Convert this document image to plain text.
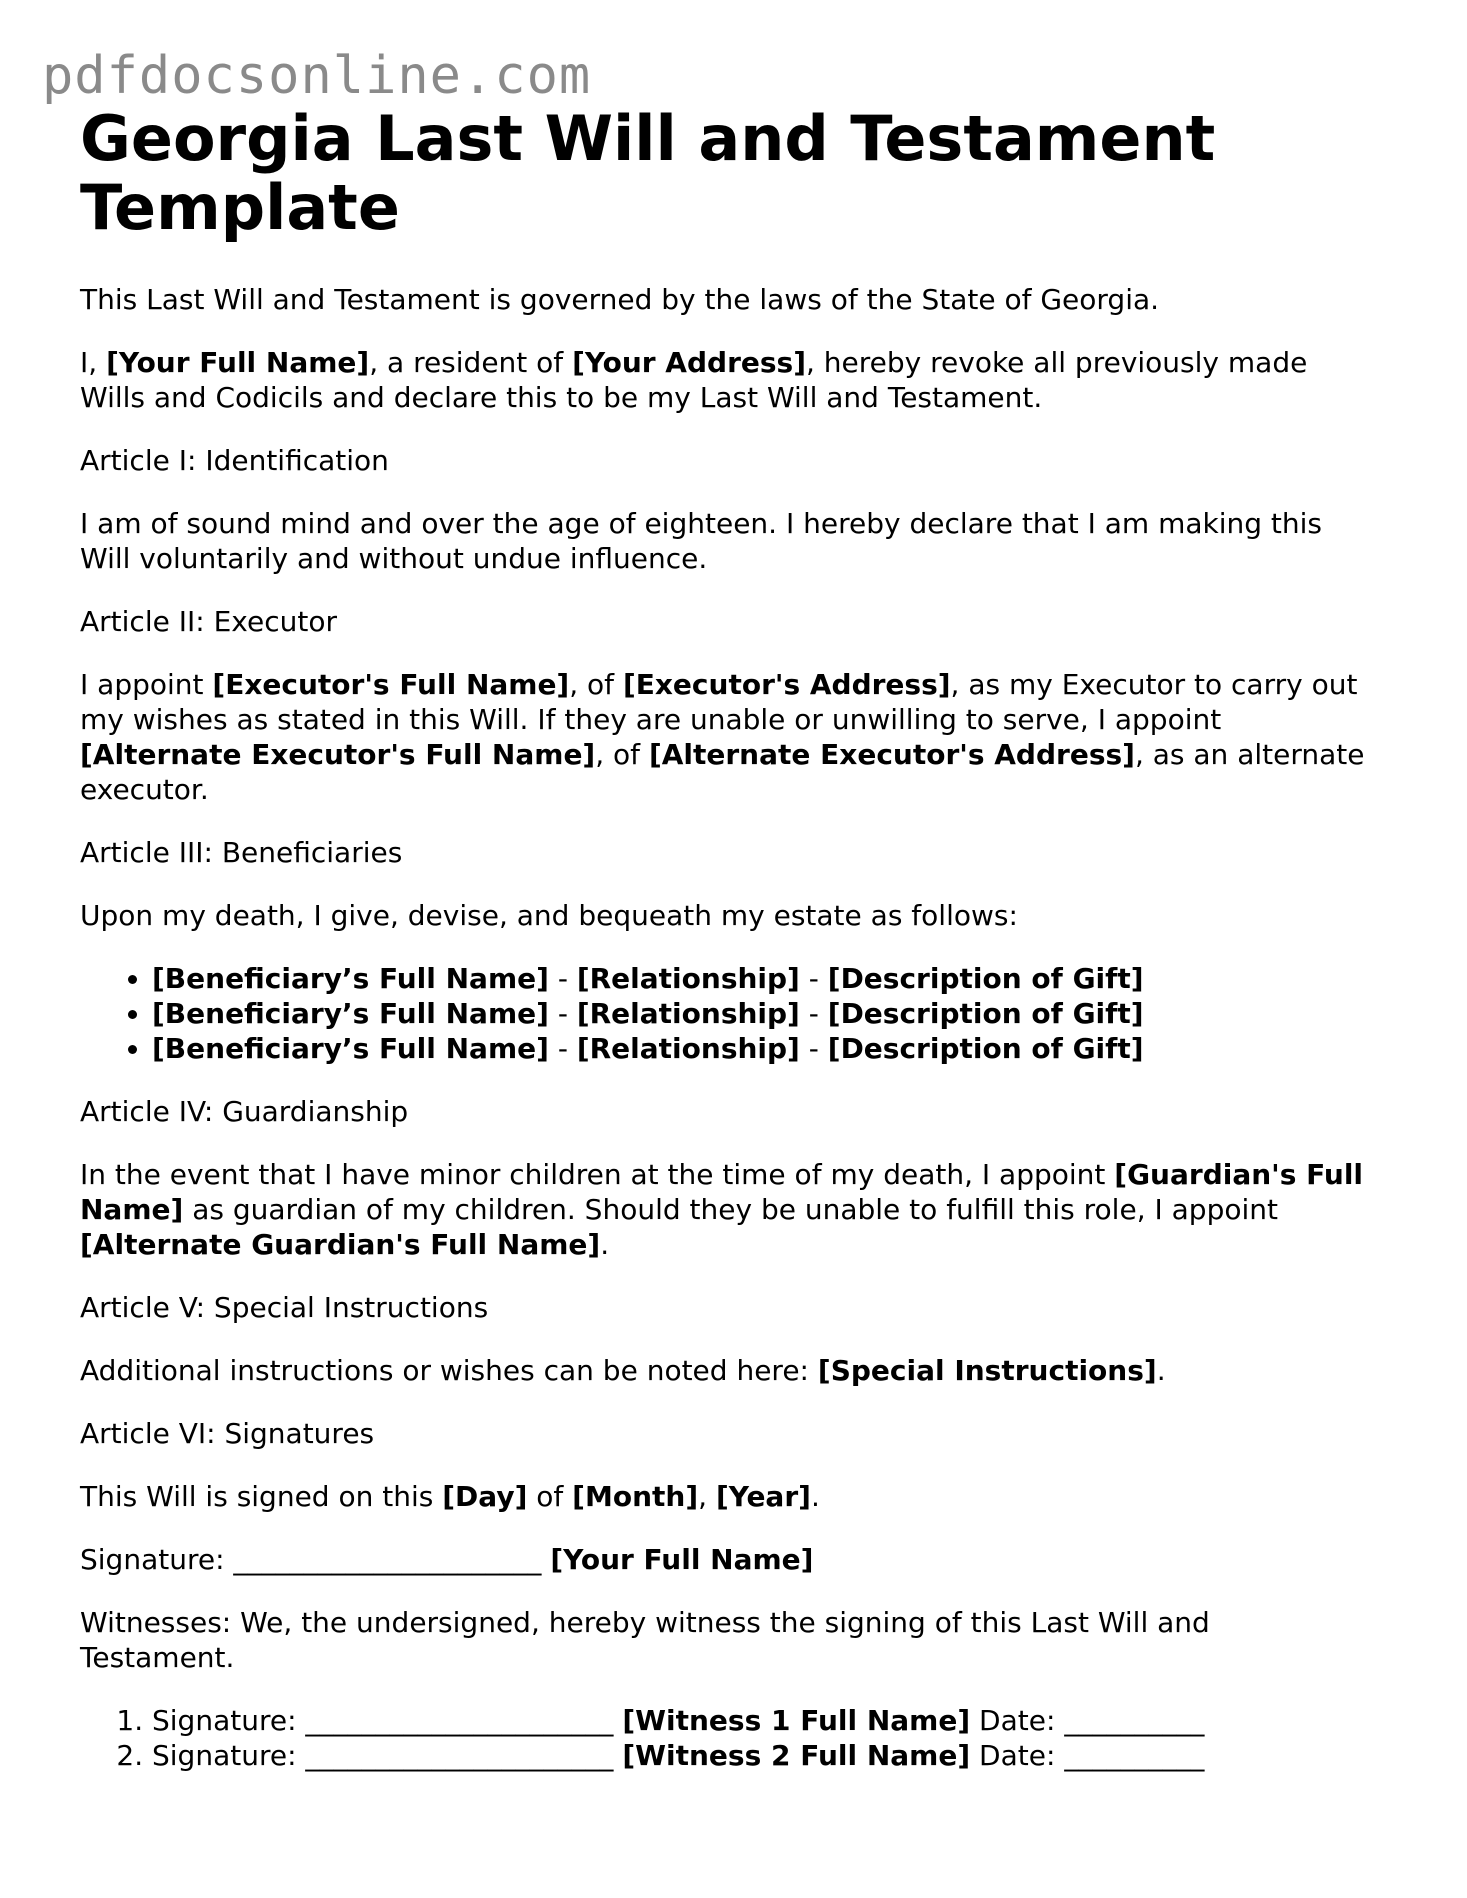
pdfdocsonline.com
Georgia Last Will and Testament Template

This Last Will and Testament is governed by the laws of the State of Georgia.

I, [Your Full Name], a resident of [Your Address], hereby revoke all previously made Wills and Codicils and declare this to be my Last Will and Testament.

Article I: Identification

I am of sound mind and over the age of eighteen. I hereby declare that I am making this Will voluntarily and without undue influence.

Article II: Executor

I appoint [Executor's Full Name], of [Executor's Address], as my Executor to carry out my wishes as stated in this Will. If they are unable or unwilling to serve, I appoint [Alternate Executor's Full Name], of [Alternate Executor's Address], as an alternate executor.

Article III: Beneficiaries

Upon my death, I give, devise, and bequeath my estate as follows:

• [Beneficiary’s Full Name] - [Relationship] - [Description of Gift]
• [Beneficiary’s Full Name] - [Relationship] - [Description of Gift]
• [Beneficiary’s Full Name] - [Relationship] - [Description of Gift]

Article IV: Guardianship

In the event that I have minor children at the time of my death, I appoint [Guardian's Full Name] as guardian of my children. Should they be unable to fulfill this role, I appoint [Alternate Guardian's Full Name].

Article V: Special Instructions

Additional instructions or wishes can be noted here: [Special Instructions].

Article VI: Signatures

This Will is signed on this [Day] of [Month], [Year].

Signature: ______________________ [Your Full Name]

Witnesses: We, the undersigned, hereby witness the signing of this Last Will and Testament.

1. Signature: ______________________ [Witness 1 Full Name] Date: __________
2. Signature: ______________________ [Witness 2 Full Name] Date: __________
